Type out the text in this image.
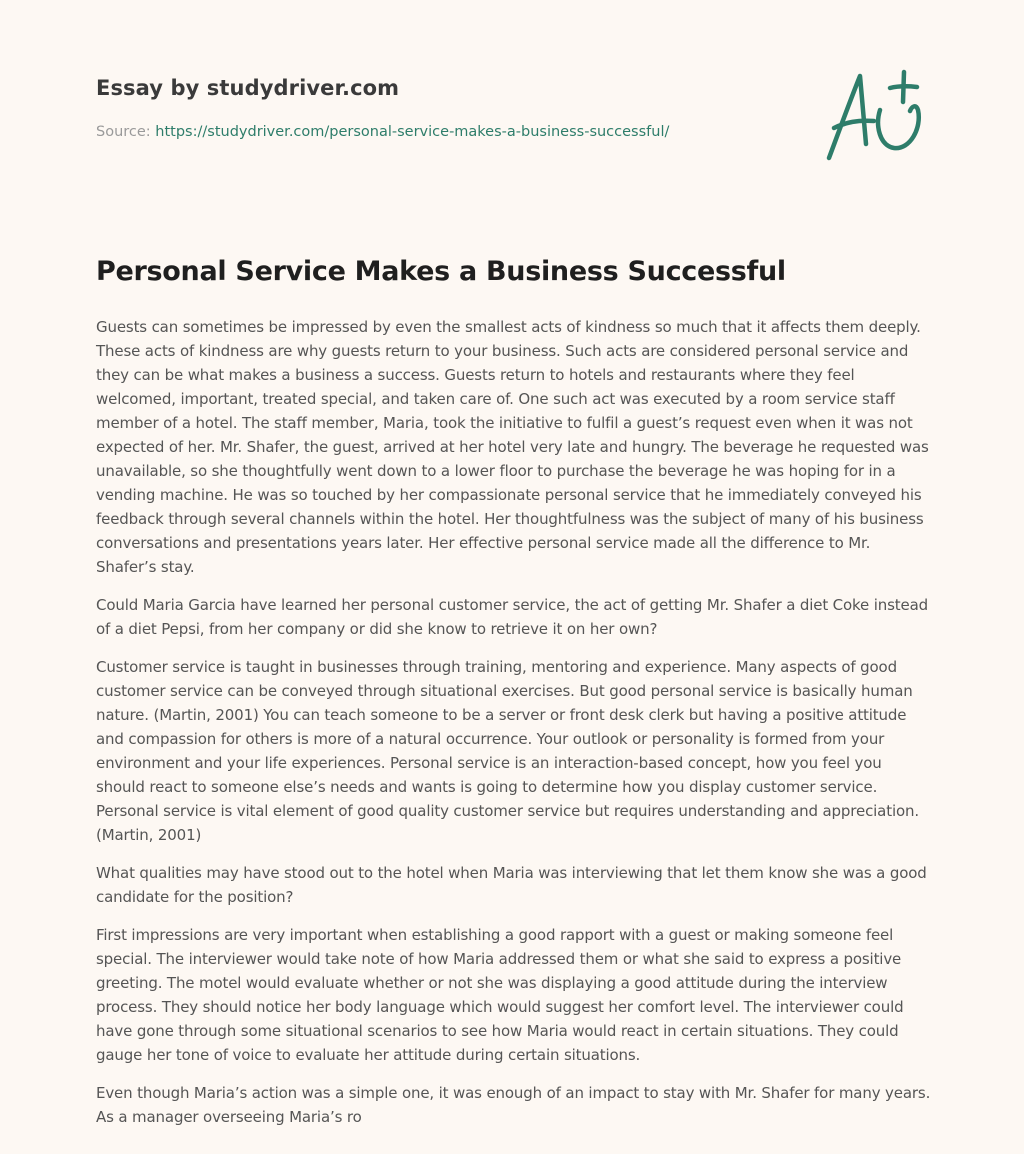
Essay by studydriver.com
Source: https://studydriver.com/personal-service-makes-a-business-successful/
Personal Service Makes a Business Successful

Guests can sometimes be impressed by even the smallest acts of kindness so much that it affects them deeply. These acts of kindness are why guests return to your business. Such acts are considered personal service and they can be what makes a business a success. Guests return to hotels and restaurants where they feel welcomed, important, treated special, and taken care of. One such act was executed by a room service staff member of a hotel. The staff member, Maria, took the initiative to fulfil a guest’s request even when it was not expected of her. Mr. Shafer, the guest, arrived at her hotel very late and hungry. The beverage he requested was unavailable, so she thoughtfully went down to a lower floor to purchase the beverage he was hoping for in a vending machine. He was so touched by her compassionate personal service that he immediately conveyed his feedback through several channels within the hotel. Her thoughtfulness was the subject of many of his business conversations and presentations years later. Her effective personal service made all the difference to Mr. Shafer’s stay.

Could Maria Garcia have learned her personal customer service, the act of getting Mr. Shafer a diet Coke instead of a diet Pepsi, from her company or did she know to retrieve it on her own?

Customer service is taught in businesses through training, mentoring and experience. Many aspects of good customer service can be conveyed through situational exercises. But good personal service is basically human nature. (Martin, 2001) You can teach someone to be a server or front desk clerk but having a positive attitude and compassion for others is more of a natural occurrence. Your outlook or personality is formed from your environment and your life experiences. Personal service is an interaction-based concept, how you feel you should react to someone else’s needs and wants is going to determine how you display customer service. Personal service is vital element of good quality customer service but requires understanding and appreciation. (Martin, 2001)

What qualities may have stood out to the hotel when Maria was interviewing that let them know she was a good candidate for the position?

First impressions are very important when establishing a good rapport with a guest or making someone feel special. The interviewer would take note of how Maria addressed them or what she said to express a positive greeting. The motel would evaluate whether or not she was displaying a good attitude during the interview process. They should notice her body language which would suggest her comfort level. The interviewer could have gone through some situational scenarios to see how Maria would react in certain situations. They could gauge her tone of voice to evaluate her attitude during certain situations.

Even though Maria’s action was a simple one, it was enough of an impact to stay with Mr. Shafer for many years. As a manager overseeing Maria’s ro
